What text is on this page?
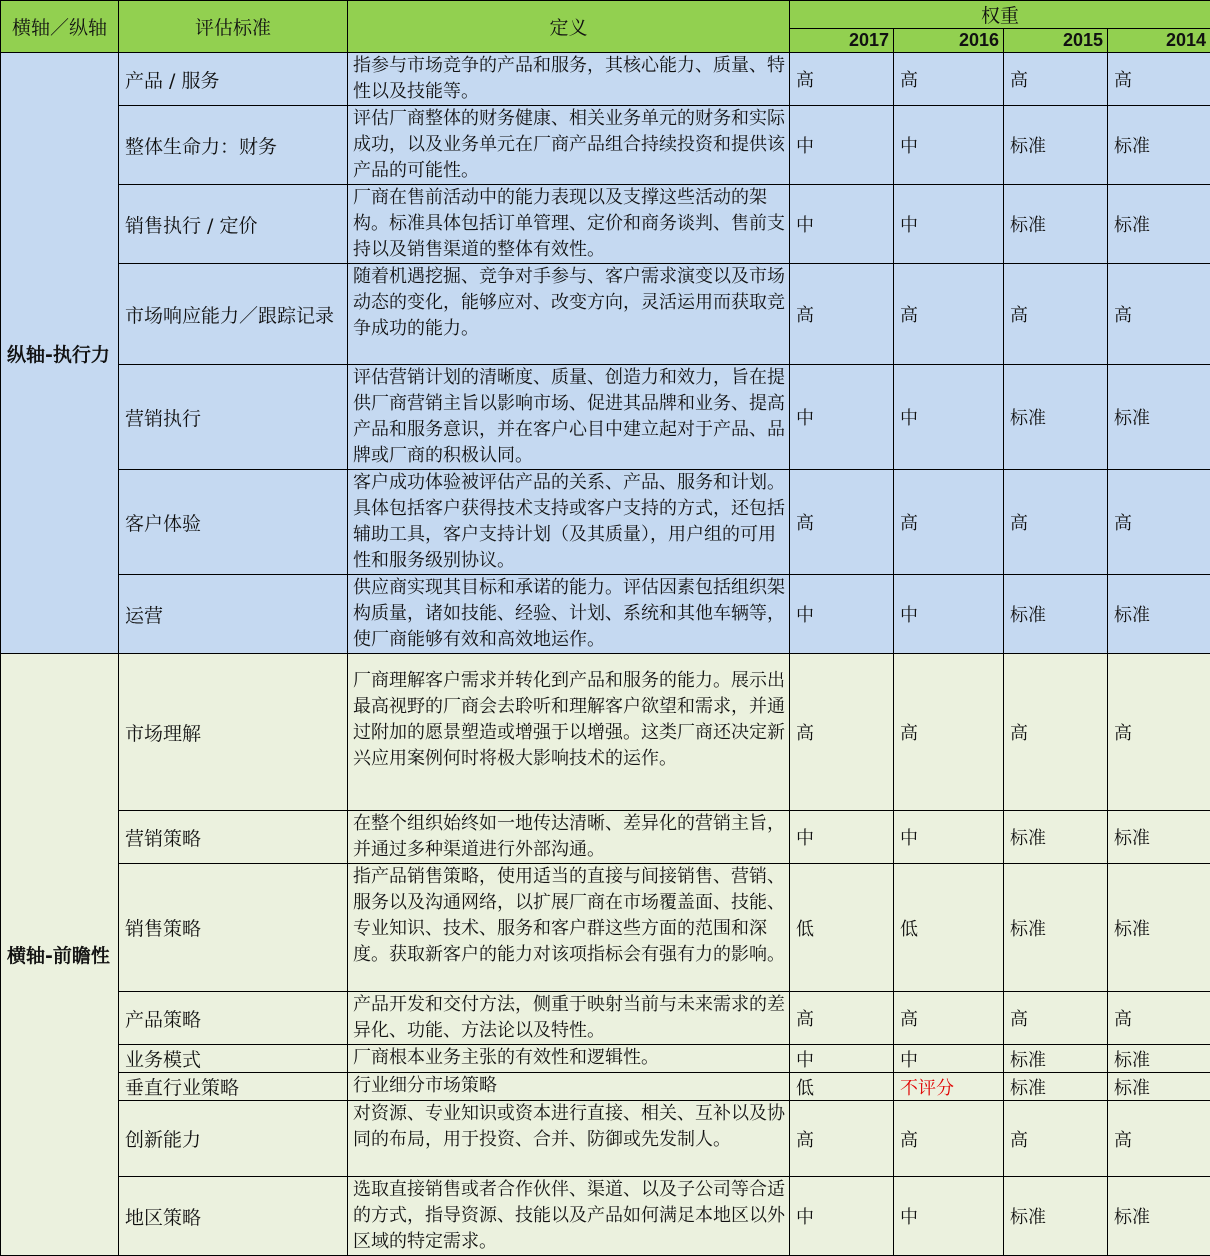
横轴／纵轴	评估标准	定义	权重			
			2017	2016	2015	2014
纵轴-执行力	产品 / 服务	指参与市场竞争的产品和服务，其核心能力、质量、特性以及技能等。	高	高	高	高
	整体生命力：财务	评估厂商整体的财务健康、相关业务单元的财务和实际成功，以及业务单元在厂商产品组合持续投资和提供该产品的可能性。	中	中	标准	标准
	销售执行 / 定价	厂商在售前活动中的能力表现以及支撑这些活动的架构。标准具体包括订单管理、定价和商务谈判、售前支持以及销售渠道的整体有效性。	中	中	标准	标准
	市场响应能力／跟踪记录	随着机遇挖掘、竞争对手参与、客户需求演变以及市场动态的变化，能够应对、改变方向，灵活运用而获取竞争成功的能力。	高	高	高	高
	营销执行	评估营销计划的清晰度、质量、创造力和效力，旨在提供厂商营销主旨以影响市场、促进其品牌和业务、提高产品和服务意识，并在客户心目中建立起对于产品、品牌或厂商的积极认同。	中	中	标准	标准
	客户体验	客户成功体验被评估产品的关系、产品、服务和计划。具体包括客户获得技术支持或客户支持的方式，还包括辅助工具，客户支持计划（及其质量），用户组的可用性和服务级别协议。	高	高	高	高
	运营	供应商实现其目标和承诺的能力。评估因素包括组织架构质量，诸如技能、经验、计划、系统和其他车辆等，使厂商能够有效和高效地运作。	中	中	标准	标准
横轴-前瞻性	市场理解	厂商理解客户需求并转化到产品和服务的能力。展示出最高视野的厂商会去聆听和理解客户欲望和需求，并通过附加的愿景塑造或增强于以增强。这类厂商还决定新兴应用案例何时将极大影响技术的运作。	高	高	高	高
	营销策略	在整个组织始终如一地传达清晰、差异化的营销主旨，并通过多种渠道进行外部沟通。	中	中	标准	标准
	销售策略	指产品销售策略，使用适当的直接与间接销售、营销、服务以及沟通网络，以扩展厂商在市场覆盖面、技能、专业知识、技术、服务和客户群这些方面的范围和深度。获取新客户的能力对该项指标会有强有力的影响。	低	低	标准	标准
	产品策略	产品开发和交付方法，侧重于映射当前与未来需求的差异化、功能、方法论以及特性。	高	高	高	高
	业务模式	厂商根本业务主张的有效性和逻辑性。	中	中	标准	标准
	垂直行业策略	行业细分市场策略	低	不评分	标准	标准
	创新能力	对资源、专业知识或资本进行直接、相关、互补以及协同的布局，用于投资、合并、防御或先发制人。	高	高	高	高
	地区策略	选取直接销售或者合作伙伴、渠道、以及子公司等合适的方式，指导资源、技能以及产品如何满足本地区以外区域的特定需求。	中	中	标准	标准
